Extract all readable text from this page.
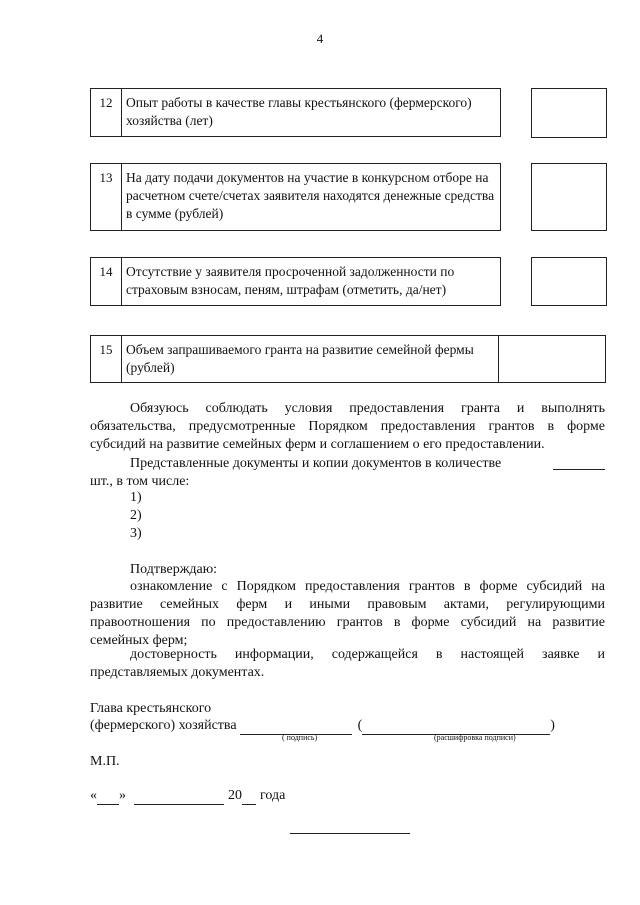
4
12	Опыт работы в качестве главы крестьянского (фермерского) хозяйства (лет)
13	На дату подачи документов на участие в конкурсном отборе на расчетном счете/счетах заявителя находятся денежные средства в сумме (рублей)
14	Отсутствие у заявителя просроченной задолженности по страховым взносам, пеням, штрафам (отметить, да/нет)
15	Объем запрашиваемого гранта на развитие семейной фермы (рублей)
Обязуюсь соблюдать условия предоставления гранта и выполнять обязательства, предусмотренные Порядком предоставления грантов в форме субсидий на развитие семейных ферм и соглашением о его предоставлении.
Представленные документы и копии документов в количестве
шт., в том числе:
1)
2)
3)
Подтверждаю:
ознакомление с Порядком предоставления грантов в форме субсидий на развитие семейных ферм и иными правовым актами, регулирующими правоотношения по предоставлению грантов в форме субсидий на развитие семейных ферм;
достоверность информации, содержащейся в настоящей заявке и представляемых документах.
Глава крестьянского
(фермерского) хозяйства	(	)
( подпись)	(расшифровка подписи)
М.П.
« »	20 года
